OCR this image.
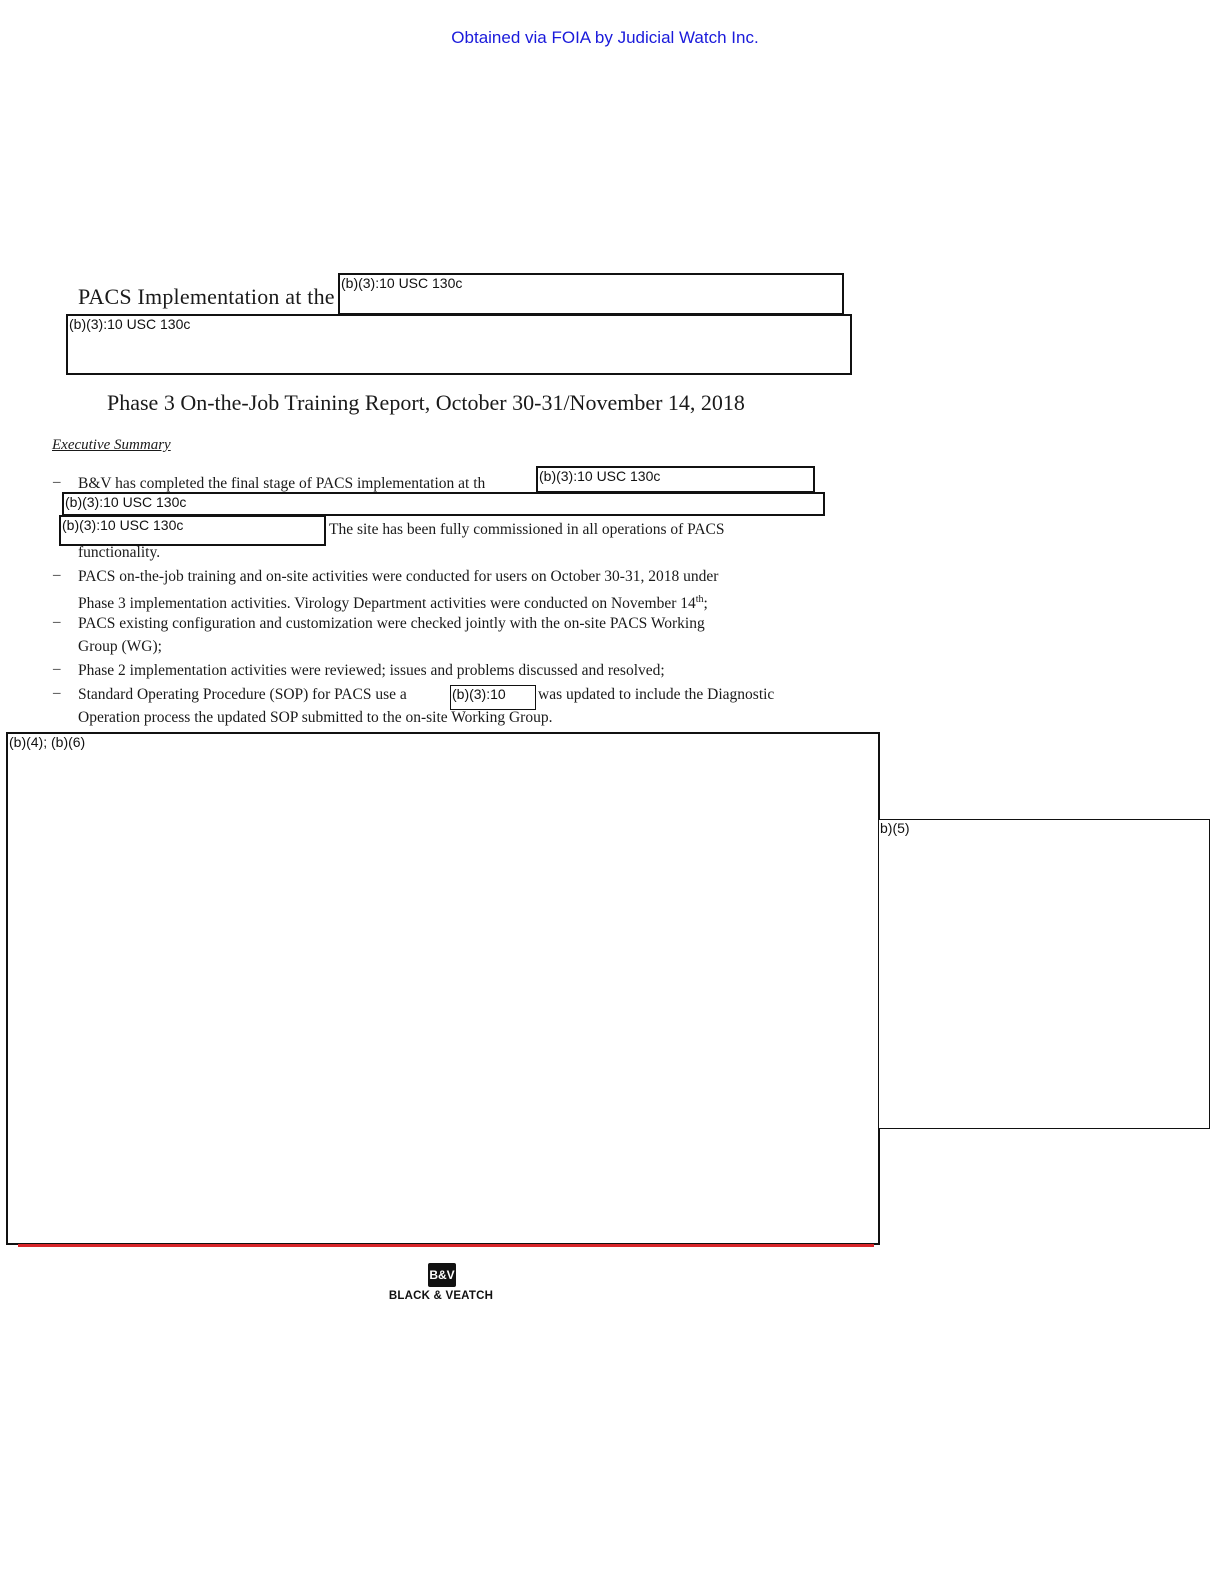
Obtained via FOIA by Judicial Watch Inc.
PACS Implementation at the
(b)(3):10 USC 130c
(b)(3):10 USC 130c
Phase 3 On-the-Job Training Report, October 30-31/November 14, 2018
Executive Summary
– B&V has completed the final stage of PACS implementation at th	(b)(3):10 USC 130c
(b)(3):10 USC 130c
(b)(3):10 USC 130c	The site has been fully commissioned in all operations of PACS
functionality.
– PACS on-the-job training and on-site activities were conducted for users on October 30-31, 2018 under
Phase 3 implementation activities. Virology Department activities were conducted on November 14th;
– PACS existing configuration and customization were checked jointly with the on-site PACS Working
Group (WG);
– Phase 2 implementation activities were reviewed; issues and problems discussed and resolved;
– Standard Operating Procedure (SOP) for PACS use a	(b)(3):10 was updated to include the Diagnostic
Operation process the updated SOP submitted to the on-site Working Group.
(b)(4); (b)(6)
b)(5)
B&V
BLACK & VEATCH
